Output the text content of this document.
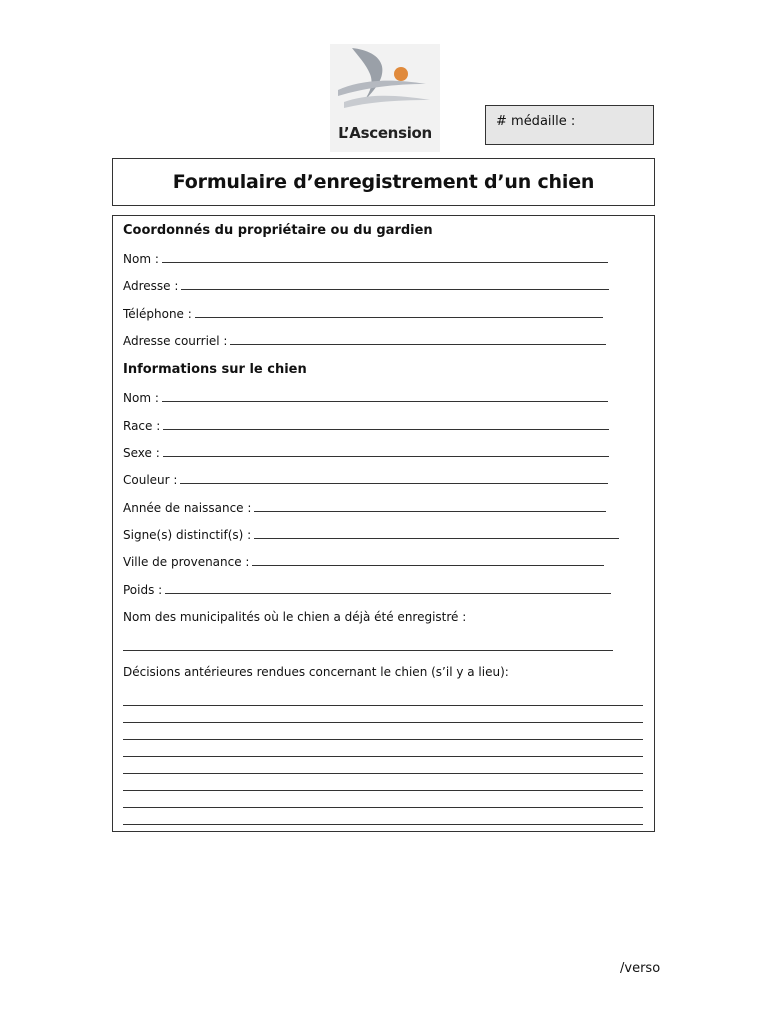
L’Ascension
# médaille :
Formulaire d’enregistrement d’un chien
Coordonnés du propriétaire ou du gardien
Nom :
Adresse :
Téléphone :
Adresse courriel :
Informations sur le chien
Nom :
Race :
Sexe :
Couleur :
Année de naissance :
Signe(s) distinctif(s) :
Ville de provenance :
Poids :
Nom des municipalités où le chien a déjà été enregistré :
Décisions antérieures rendues concernant le chien (s’il y a lieu):
/verso
